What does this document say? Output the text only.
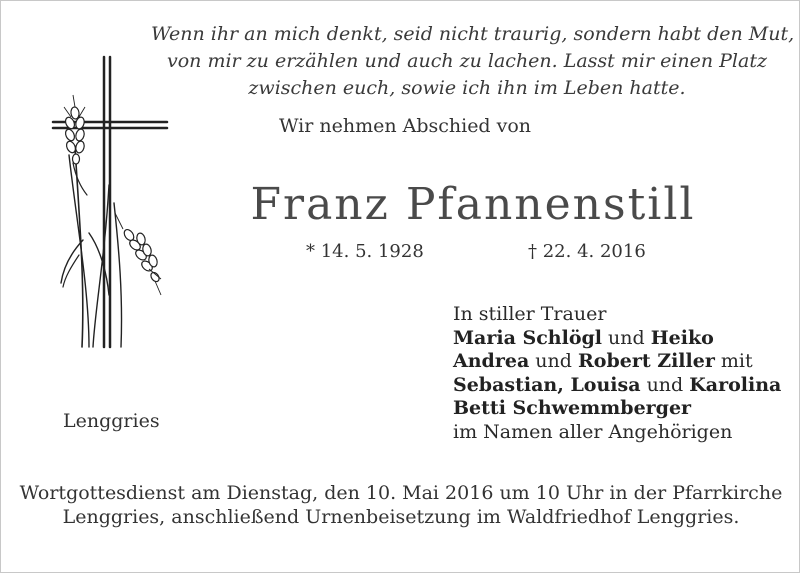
Wenn ihr an mich denkt, seid nicht traurig, sondern habt den Mut,
von mir zu erzählen und auch zu lachen. Lasst mir einen Platz
zwischen euch, sowie ich ihn im Leben hatte.
Wir nehmen Abschied von
Franz Pfannenstill
* 14. 5. 1928	† 22. 4. 2016
In stiller Trauer
Maria Schlögl und Heiko
Andrea und Robert Ziller mit
Sebastian, Louisa und Karolina
Betti Schwemmberger
im Namen aller Angehörigen
Lenggries
Wortgottesdienst am Dienstag, den 10. Mai 2016 um 10 Uhr in der Pfarrkirche
Lenggries, anschließend Urnenbeisetzung im Waldfriedhof Lenggries.
